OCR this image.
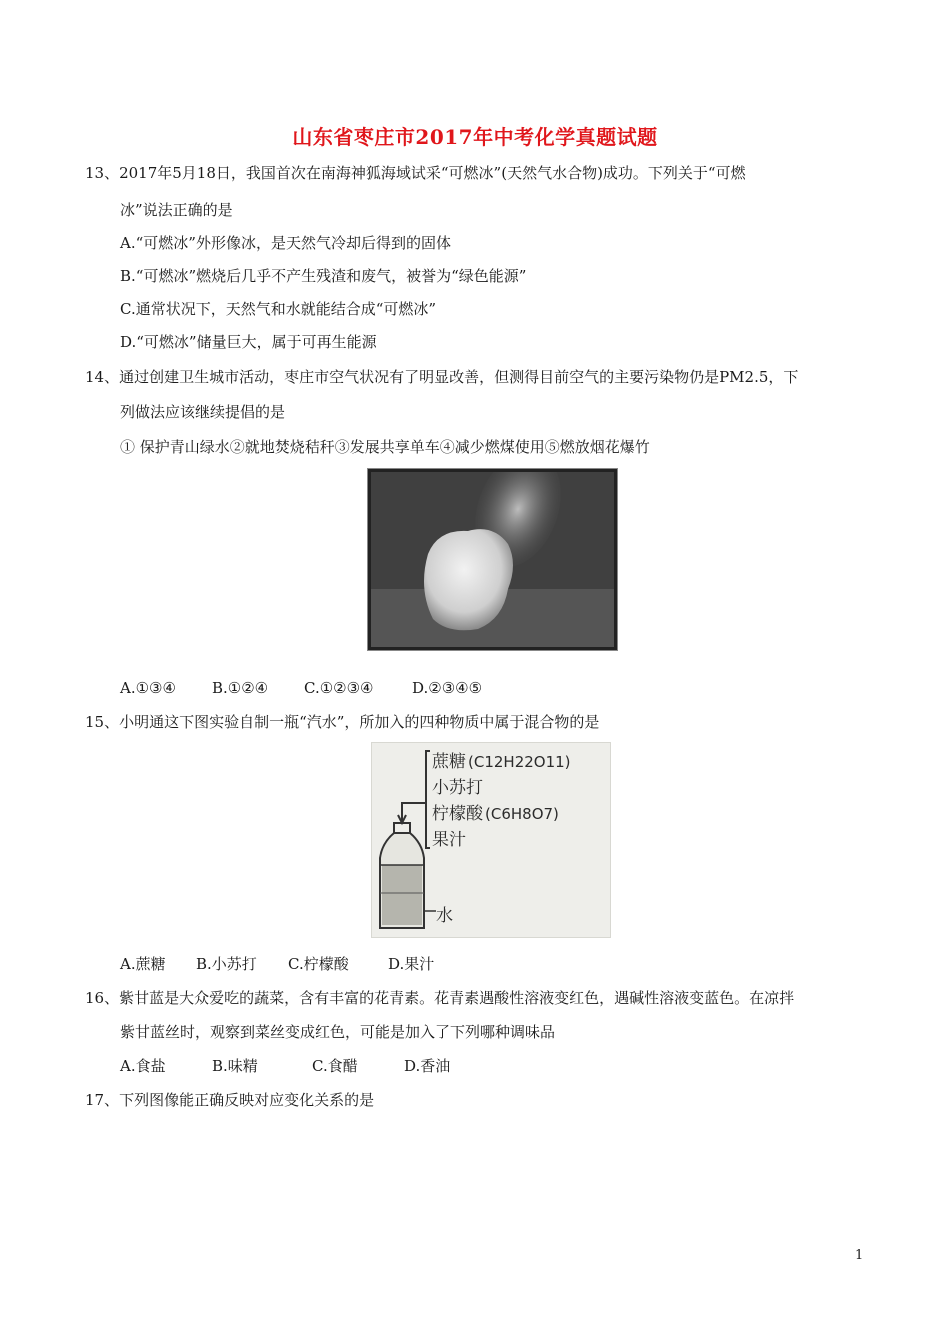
山东省枣庄市2017年中考化学真题试题
13、2017年5月18日，我国首次在南海神狐海域试采“可燃冰”(天然气水合物)成功。下列关于“可燃
冰”说法正确的是
A.“可燃冰”外形像冰，是天然气冷却后得到的固体
B.“可燃冰”燃烧后几乎不产生残渣和废气，被誉为“绿色能源”
C.通常状况下，天然气和水就能结合成“可燃冰”
D.“可燃冰”储量巨大，属于可再生能源
14、通过创建卫生城市活动，枣庄市空气状况有了明显改善，但测得目前空气的主要污染物仍是PM2.5，下
列做法应该继续提倡的是
① 保护青山绿水②就地焚烧秸秆③发展共享单车④减少燃煤使用⑤燃放烟花爆竹
A.①③④ B.①②④ C.①②③④	D.②③④⑤
15、小明通这下图实验自制一瓶“汽水”，所加入的四种物质中属于混合物的是
蔗糖 (C12H22O11)
小苏打
柠檬酸 (C6H8O7)
果汁
水
A.蔗糖 B.小苏打 C.柠檬酸	D.果汁
16、紫甘蓝是大众爱吃的蔬菜，含有丰富的花青素。花青素遇酸性溶液变红色，遇碱性溶液变蓝色。在凉拌
紫甘蓝丝时，观察到菜丝变成红色，可能是加入了下列哪种调味品
A.食盐	B.味精	C.食醋	D.香油
17、下列图像能正确反映对应变化关系的是
1
